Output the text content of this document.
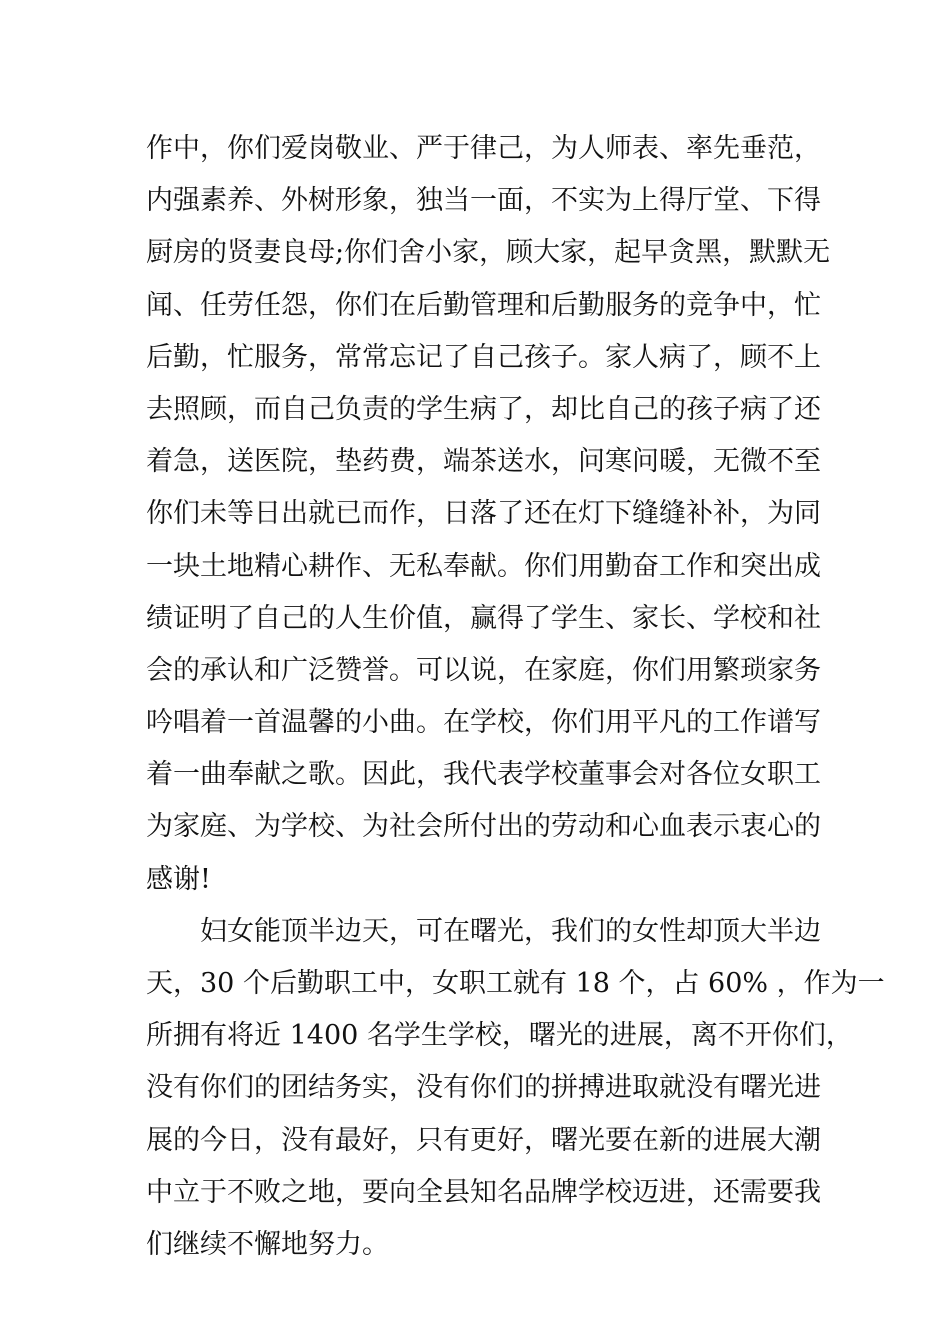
作中，你们爱岗敬业、严于律己，为人师表、率先垂范，
内强素养、外树形象，独当一面，不实为上得厅堂、下得
厨房的贤妻良母;你们舍小家，顾大家，起早贪黑，默默无
闻、任劳任怨，你们在后勤管理和后勤服务的竞争中，忙
后勤，忙服务，常常忘记了自己孩子。家人病了，顾不上
去照顾，而自己负责的学生病了，却比自己的孩子病了还
着急，送医院，垫药费，端茶送水，问寒问暖，无微不至
你们未等日出就已而作，日落了还在灯下缝缝补补，为同
一块土地精心耕作、无私奉献。你们用勤奋工作和突出成
绩证明了自己的人生价值，赢得了学生、家长、学校和社
会的承认和广泛赞誉。可以说，在家庭，你们用繁琐家务
吟唱着一首温馨的小曲。在学校，你们用平凡的工作谱写
着一曲奉献之歌。因此，我代表学校董事会对各位女职工
为家庭、为学校、为社会所付出的劳动和心血表示衷心的
感谢!
妇女能顶半边天，可在曙光，我们的女性却顶大半边
天，30 个后勤职工中，女职工就有 18 个，占 60% ，作为一
所拥有将近 1400 名学生学校，曙光的进展，离不开你们，
没有你们的团结务实，没有你们的拼搏进取就没有曙光进
展的今日，没有最好，只有更好，曙光要在新的进展大潮
中立于不败之地，要向全县知名品牌学校迈进，还需要我
们继续不懈地努力。
